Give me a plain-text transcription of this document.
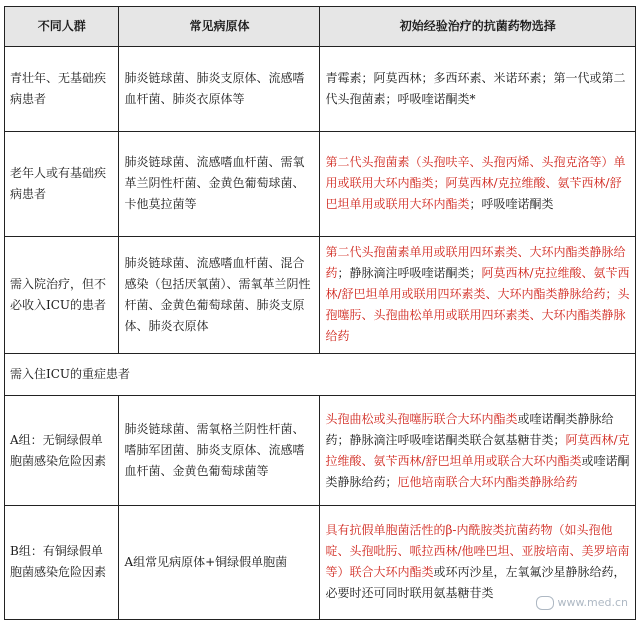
不同人群	常见病原体	初始经验治疗的抗菌药物选择
青壮年、无基础疾病患者	肺炎链球菌、肺炎支原体、流感嗜血杆菌、肺炎衣原体等	青霉素；阿莫西林；多西环素、米诺环素；第一代或第二代头孢菌素；呼吸喹诺酮类*
老年人或有基础疾病患者	肺炎链球菌、流感嗜血杆菌、需氧革兰阴性杆菌、金黄色葡萄球菌、卡他莫拉菌等	第二代头孢菌素（头孢呋辛、头孢丙烯、头孢克洛等）单用或联用大环内酯类；阿莫西林/克拉维酸、氨苄西林/舒巴坦单用或联用大环内酯类；呼吸喹诺酮类
需入院治疗，但不必收入ICU的患者	肺炎链球菌、流感嗜血杆菌、混合感染（包括厌氧菌）、需氧革兰阴性杆菌、金黄色葡萄球菌、肺炎支原体、肺炎衣原体	第二代头孢菌素单用或联用四环素类、大环内酯类静脉给药；静脉滴注呼吸喹诺酮类；阿莫西林/克拉维酸、氨苄西林/舒巴坦单用或联用四环素类、大环内酯类静脉给药；头孢噻肟、头孢曲松单用或联用四环素类、大环内酯类静脉给药
需入住ICU的重症患者		
A组：无铜绿假单胞菌感染危险因素	肺炎链球菌、需氧格兰阴性杆菌、嗜肺军团菌、肺炎支原体、流感嗜血杆菌、金黄色葡萄球菌等	头孢曲松或头孢噻肟联合大环内酯类或喹诺酮类静脉给药；静脉滴注呼吸喹诺酮类联合氨基糖苷类；阿莫西林/克拉维酸、氨苄西林/舒巴坦单用或联合大环内酯类或喹诺酮类静脉给药；厄他培南联合大环内酯类静脉给药
B组：有铜绿假单胞菌感染危险因素	A组常见病原体+铜绿假单胞菌	具有抗假单胞菌活性的β-内酰胺类抗菌药物（如头孢他啶、头孢吡肟、哌拉西林/他唑巴坦、亚胺培南、美罗培南等）联合大环内酯类或环丙沙星，左氧氟沙星静脉给药，必要时还可同时联用氨基糖苷类
www.med.cn
